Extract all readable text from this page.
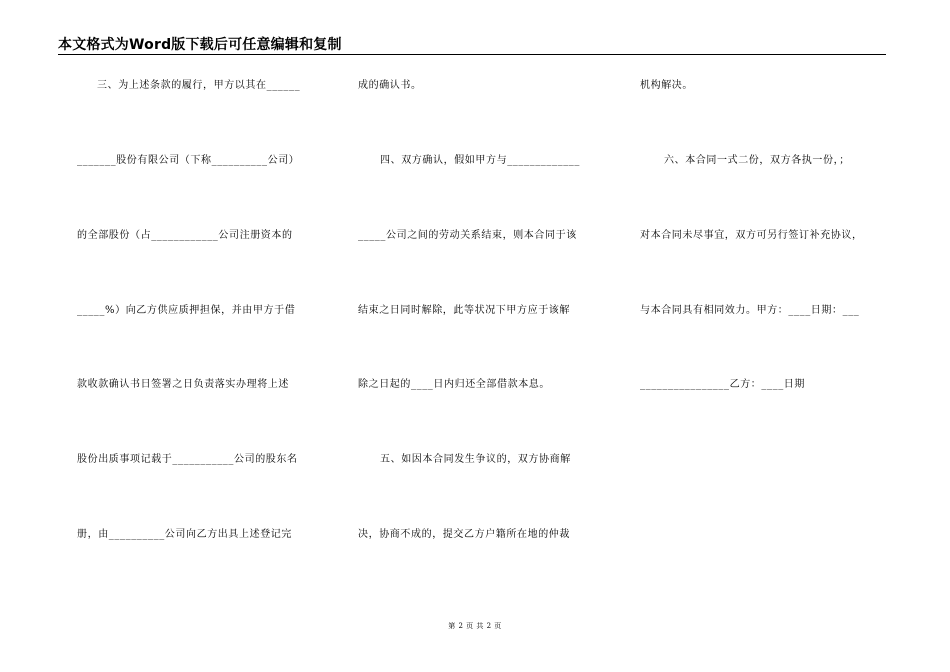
本文格式为Word版下载后可任意编辑和复制
三、为上述条款的履行，甲方以其在______
_______股份有限公司（下称__________公司）
的全部股份（占____________公司注册资本的
_____%）向乙方供应质押担保，并由甲方于借
款收款确认书日签署之日负责落实办理将上述
股份出质事项记载于___________公司的股东名
册，由__________公司向乙方出具上述登记完
成的确认书。
四、双方确认，假如甲方与_____________
_____公司之间的劳动关系结束，则本合同于该
结束之日同时解除，此等状况下甲方应于该解
除之日起的____日内归还全部借款本息。
五、如因本合同发生争议的，双方协商解
决，协商不成的，提交乙方户籍所在地的仲裁
机构解决。
六、本合同一式二份，双方各执一份，；
对本合同未尽事宜，双方可另行签订补充协议，
与本合同具有相同效力。甲方：____日期：___
________________乙方：____日期
第 2 页 共 2 页
